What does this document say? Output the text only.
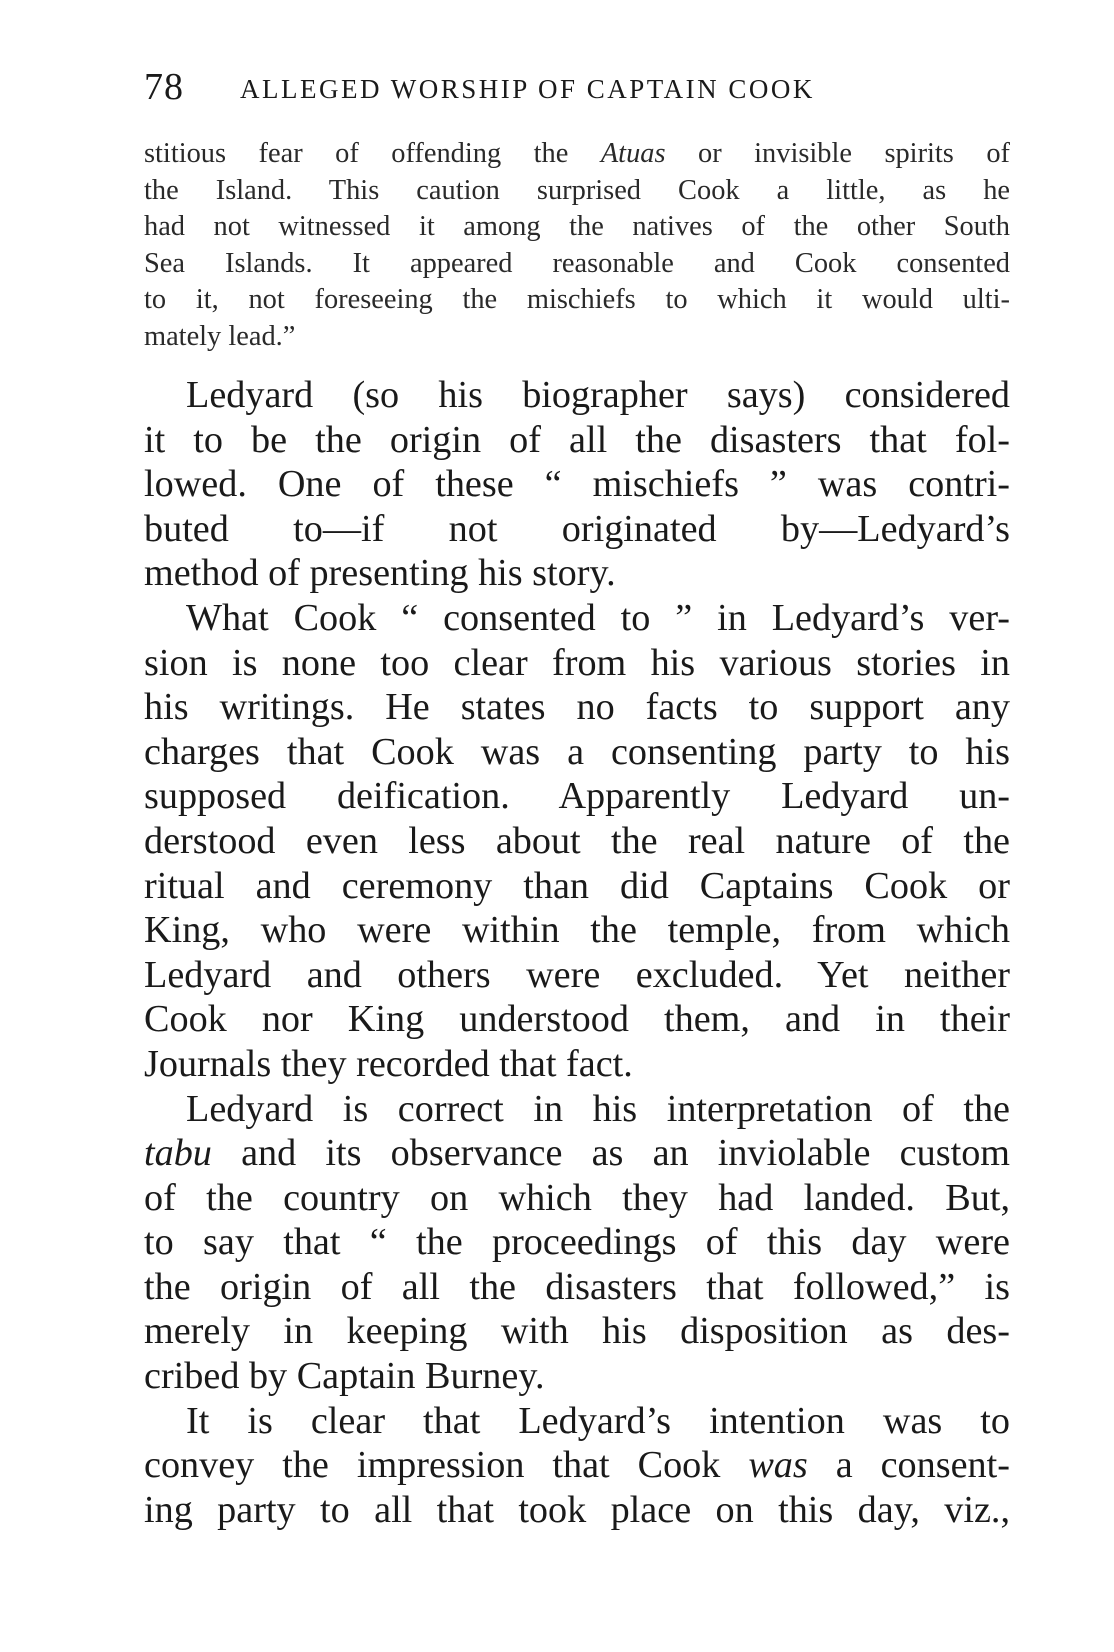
78 ALLEGED WORSHIP OF CAPTAIN COOK
stitious fear of offending the Atuas or invisible spirits of
the Island. This caution surprised Cook a little, as he
had not witnessed it among the natives of the other South
Sea Islands. It appeared reasonable and Cook consented
to it, not foreseeing the mischiefs to which it would ulti-
mately lead.”
Ledyard (so his biographer says) considered
it to be the origin of all the disasters that fol-
lowed. One of these “ mischiefs ” was contri-
buted to—if not originated by—Ledyard’s
method of presenting his story.
What Cook “ consented to ” in Ledyard’s ver-
sion is none too clear from his various stories in
his writings. He states no facts to support any
charges that Cook was a consenting party to his
supposed deification. Apparently Ledyard un-
derstood even less about the real nature of the
ritual and ceremony than did Captains Cook or
King, who were within the temple, from which
Ledyard and others were excluded. Yet neither
Cook nor King understood them, and in their
Journals they recorded that fact.
Ledyard is correct in his interpretation of the
tabu and its observance as an inviolable custom
of the country on which they had landed. But,
to say that “ the proceedings of this day were
the origin of all the disasters that followed,” is
merely in keeping with his disposition as des-
cribed by Captain Burney.
It is clear that Ledyard’s intention was to
convey the impression that Cook was a consent-
ing party to all that took place on this day, viz.,
